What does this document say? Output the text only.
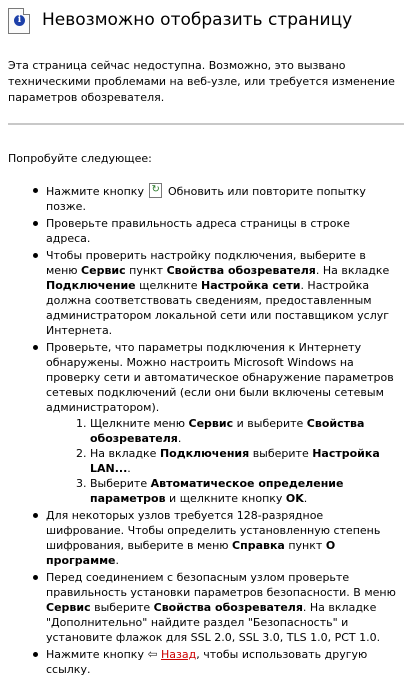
i Невозможно отобразить страницу
Эта страница сейчас недоступна. Возможно, это вызвано техническими проблемами на веб-узле, или требуется изменение параметров обозревателя.
Попробуйте следующее:
Нажмите кнопку ↻ Обновить или повторите попытку позже.
Проверьте правильность адреса страницы в строке адреса.
Чтобы проверить настройку подключения, выберите в меню Сервис пункт Свойства обозревателя. На вкладке Подключение щелкните Настройка сети. Настройка должна соответствовать сведениям, предоставленным администратором локальной сети или поставщиком услуг Интернета.
Проверьте, что параметры подключения к Интернету обнаружены. Можно настроить Microsoft Windows на проверку сети и автоматическое обнаружение параметров сетевых подключений (если они были включены сетевым администратором).
1. Щелкните меню Сервис и выберите Свойства обозревателя.
2. На вкладке Подключения выберите Настройка LAN....
3. Выберите Автоматическое определение параметров и щелкните кнопку OK.
Для некоторых узлов требуется 128-разрядное шифрование. Чтобы определить установленную степень шифрования, выберите в меню Справка пункт О программе.
Перед соединением с безопасным узлом проверьте правильность установки параметров безопасности. В меню Сервис выберите Свойства обозревателя. На вкладке "Дополнительно" найдите раздел "Безопасность" и установите флажок для SSL 2.0, SSL 3.0, TLS 1.0, PCT 1.0.
Нажмите кнопку ⇦ Назад, чтобы использовать другую ссылку.
